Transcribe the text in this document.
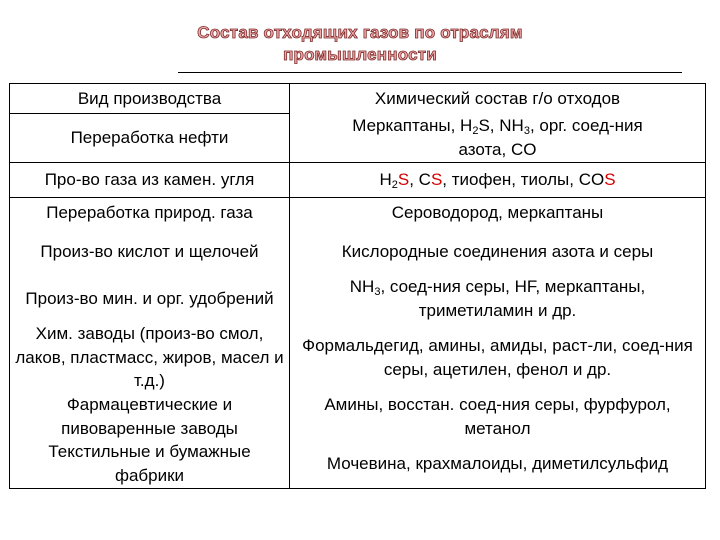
Состав отходящих газов по отраслям
промышленности
Вид производства	Химический состав г/о отходов
Переработка нефти	Меркаптаны, $H_2S$, $NH_3$, орг. соед-ния
азота, CO
Про-во газа из камен. угля	$H_2S$, CS, тиофен, тиолы, COS
Переработка природ. газа	Сероводород, меркаптаны
Произ-во кислот и щелочей	Кислородные соединения азота и серы
Произ-во мин. и орг. удобрений	$NH_3$, соед-ния серы, HF, меркаптаны,
триметиламин и др.
Хим. заводы (произ-во смол, лаков, пластмасс, жиров, масел и т.д.)	Формальдегид, амины, амиды, раст-ли, соед-ния серы, ацетилен, фенол и др.
Фармацевтические и пивоваренные заводы	Амины, восстан. соед-ния серы, фурфурол, метанол
Текстильные и бумажные фабрики	Мочевина, крахмалоиды, диметилсульфид
